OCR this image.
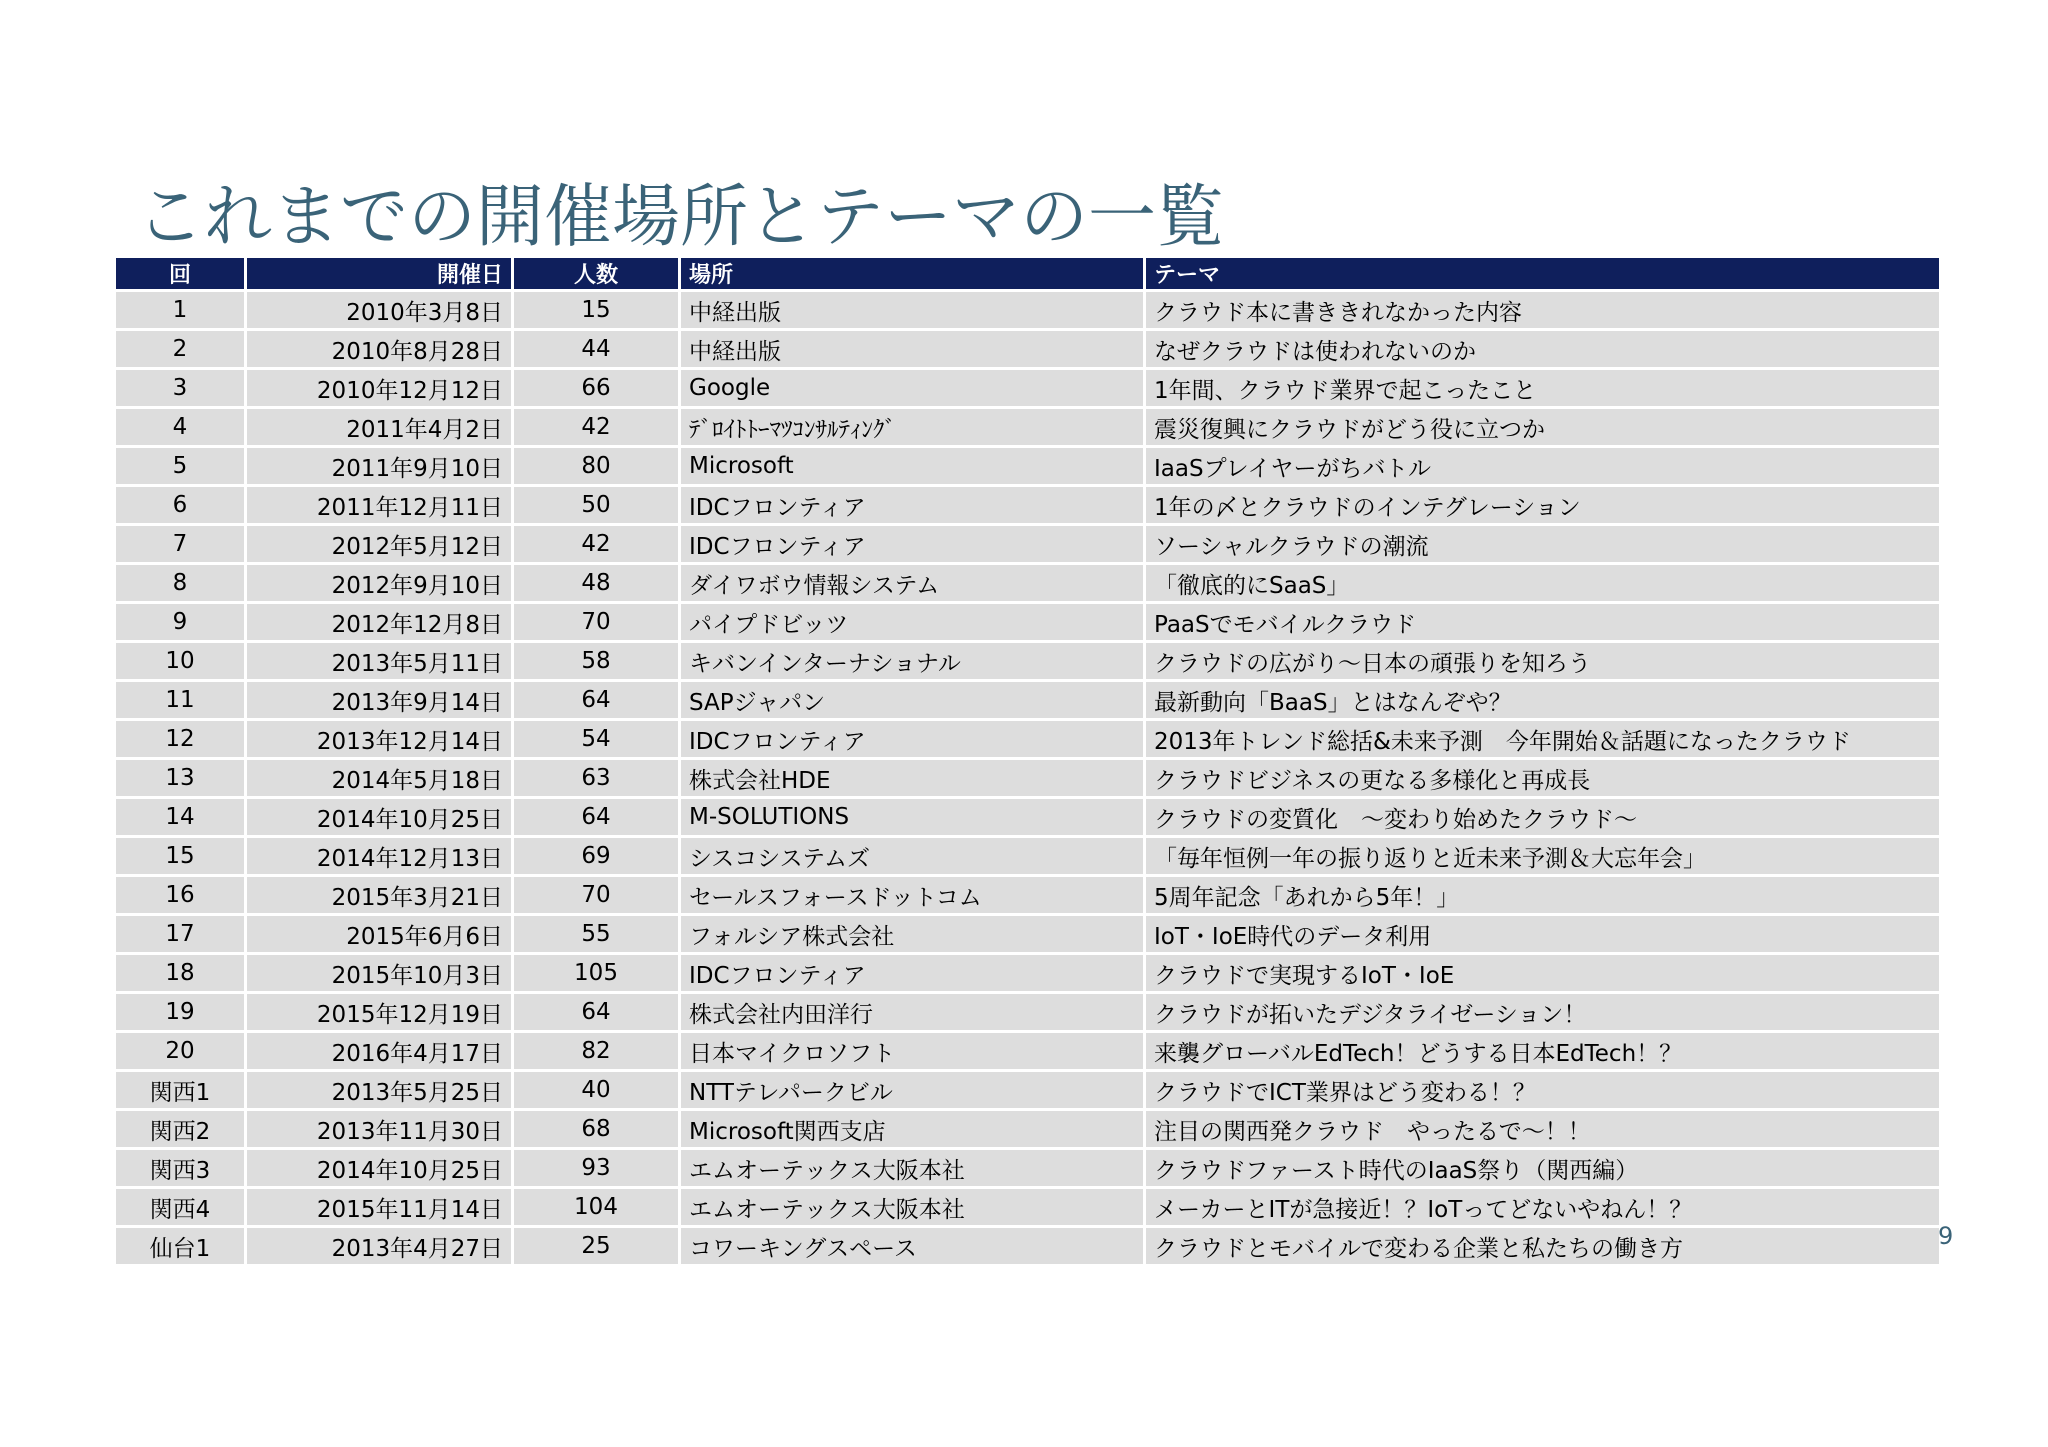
これまでの開催場所とテーマの一覧
回	開催日	人数	場所	テーマ
1	2010年3月8日	15	中経出版	クラウド本に書ききれなかった内容
2	2010年8月28日	44	中経出版	なぜクラウドは使われないのか
3	2010年12月12日	66	Google	1年間、クラウド業界で起こったこと
4	2011年4月2日	42	ﾃﾞﾛｲﾄﾄｰﾏﾂｺﾝｻﾙﾃｨﾝｸﾞ	震災復興にクラウドがどう役に立つか
5	2011年9月10日	80	Microsoft	IaaSプレイヤーがちバトル
6	2011年12月11日	50	IDCフロンティア	1年の〆とクラウドのインテグレーション
7	2012年5月12日	42	IDCフロンティア	ソーシャルクラウドの潮流
8	2012年9月10日	48	ダイワボウ情報システム	「徹底的にSaaS」
9	2012年12月8日	70	パイプドビッツ	PaaSでモバイルクラウド
10	2013年5月11日	58	キバンインターナショナル	クラウドの広がり～日本の頑張りを知ろう
11	2013年9月14日	64	SAPジャパン	最新動向「BaaS」とはなんぞや？
12	2013年12月14日	54	IDCフロンティア	2013年トレンド総括&未来予測　今年開始＆話題になったクラウド
13	2014年5月18日	63	株式会社HDE	クラウドビジネスの更なる多様化と再成長
14	2014年10月25日	64	M-SOLUTIONS	クラウドの変質化　～変わり始めたクラウド～
15	2014年12月13日	69	シスコシステムズ	「毎年恒例一年の振り返りと近未来予測＆大忘年会」
16	2015年3月21日	70	セールスフォースドットコム	5周年記念「あれから5年！」
17	2015年6月6日	55	フォルシア株式会社	IoT・IoE時代のデータ利用
18	2015年10月3日	105	IDCフロンティア	クラウドで実現するIoT・IoE
19	2015年12月19日	64	株式会社内田洋行	クラウドが拓いたデジタライゼーション！
20	2016年4月17日	82	日本マイクロソフト	来襲グローバルEdTech！どうする日本EdTech！？
関西1	2013年5月25日	40	NTTテレパークビル	クラウドでICT業界はどう変わる！？
関西2	2013年11月30日	68	Microsoft関西支店	注目の関西発クラウド　やったるで～！！
関西3	2014年10月25日	93	エムオーテックス大阪本社	クラウドファースト時代のIaaS祭り（関西編）
関西4	2015年11月14日	104	エムオーテックス大阪本社	メーカーとITが急接近！？IoTってどないやねん！？
仙台1	2013年4月27日	25	コワーキングスペース	クラウドとモバイルで変わる企業と私たちの働き方	9
